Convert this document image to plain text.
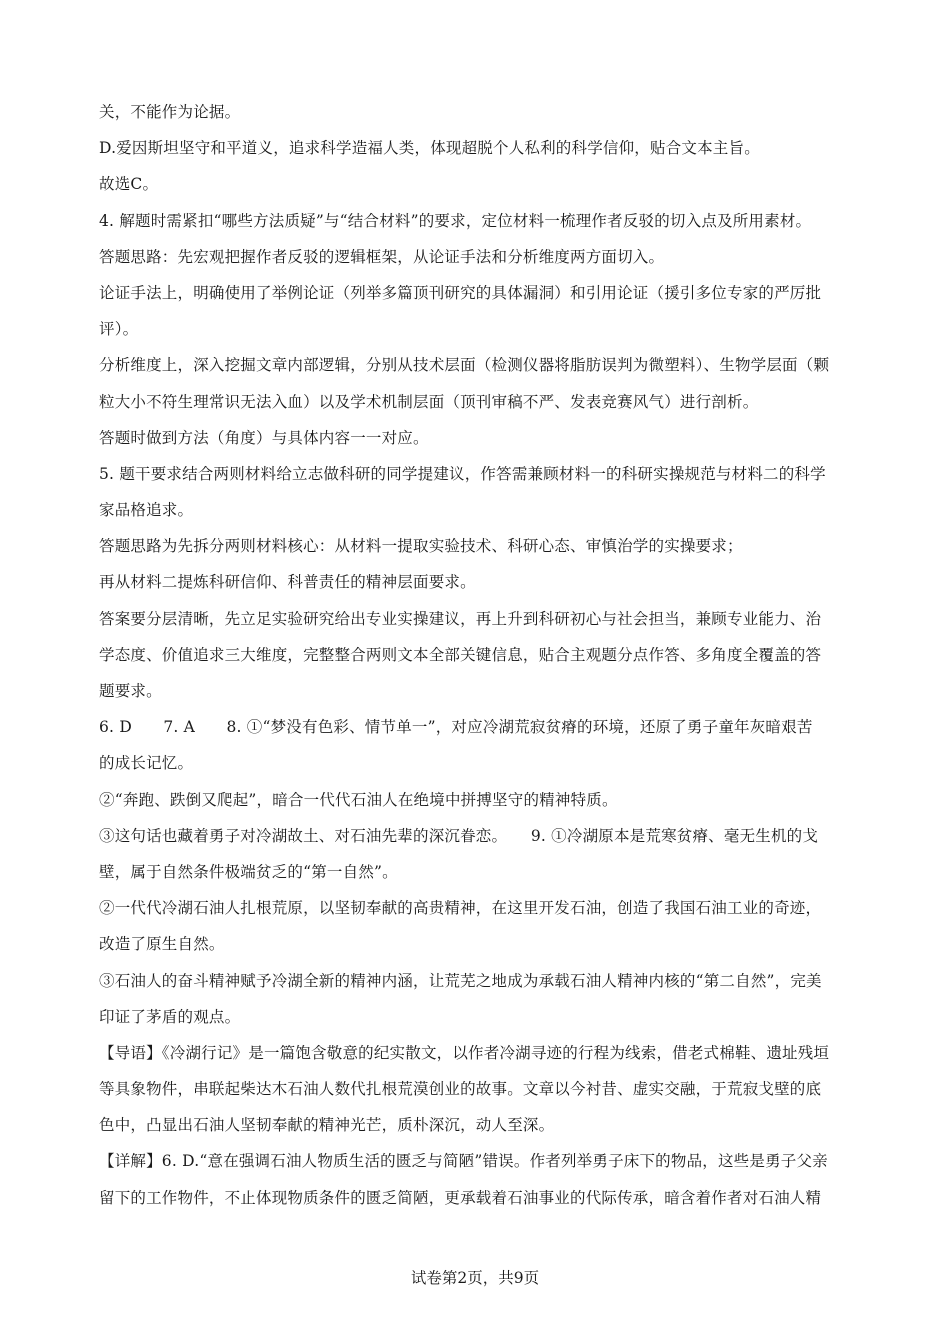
关，不能作为论据。
D.爱因斯坦坚守和平道义，追求科学造福人类，体现超脱个人私利的科学信仰，贴合文本主旨。
故选C。
4. 解题时需紧扣“哪些方法质疑”与“结合材料”的要求，定位材料一梳理作者反驳的切入点及所用素材。
答题思路：先宏观把握作者反驳的逻辑框架，从论证手法和分析维度两方面切入。
论证手法上，明确使用了举例论证（列举多篇顶刊研究的具体漏洞）和引用论证（援引多位专家的严厉批
评）。
分析维度上，深入挖掘文章内部逻辑，分别从技术层面（检测仪器将脂肪误判为微塑料）、生物学层面（颗
粒大小不符生理常识无法入血）以及学术机制层面（顶刊审稿不严、发表竞赛风气）进行剖析。
答题时做到方法（角度）与具体内容一一对应。
5. 题干要求结合两则材料给立志做科研的同学提建议，作答需兼顾材料一的科研实操规范与材料二的科学
家品格追求。
答题思路为先拆分两则材料核心：从材料一提取实验技术、科研心态、审慎治学的实操要求；
再从材料二提炼科研信仰、科普责任的精神层面要求。
答案要分层清晰，先立足实验研究给出专业实操建议，再上升到科研初心与社会担当，兼顾专业能力、治
学态度、价值追求三大维度，完整整合两则文本全部关键信息，贴合主观题分点作答、多角度全覆盖的答
题要求。
6. D　　7. A　　8. ①“梦没有色彩、情节单一”，对应冷湖荒寂贫瘠的环境，还原了勇子童年灰暗艰苦
的成长记忆。
②“奔跑、跌倒又爬起”，暗合一代代石油人在绝境中拼搏坚守的精神特质。
③这句话也藏着勇子对冷湖故土、对石油先辈的深沉眷恋。　　9. ①冷湖原本是荒寒贫瘠、毫无生机的戈
壁，属于自然条件极端贫乏的“第一自然”。
②一代代冷湖石油人扎根荒原，以坚韧奉献的高贵精神，在这里开发石油，创造了我国石油工业的奇迹，
改造了原生自然。
③石油人的奋斗精神赋予冷湖全新的精神内涵，让荒芜之地成为承载石油人精神内核的“第二自然”，完美
印证了茅盾的观点。
【导语】《冷湖行记》是一篇饱含敬意的纪实散文，以作者冷湖寻迹的行程为线索，借老式棉鞋、遗址残垣
等具象物件，串联起柴达木石油人数代扎根荒漠创业的故事。文章以今衬昔、虚实交融，于荒寂戈壁的底
色中，凸显出石油人坚韧奉献的精神光芒，质朴深沉，动人至深。
【详解】6. D.“意在强调石油人物质生活的匮乏与简陋”错误。作者列举勇子床下的物品，这些是勇子父亲
留下的工作物件，不止体现物质条件的匮乏简陋，更承载着石油事业的代际传承，暗含着作者对石油人精
试卷第2页，共9页
